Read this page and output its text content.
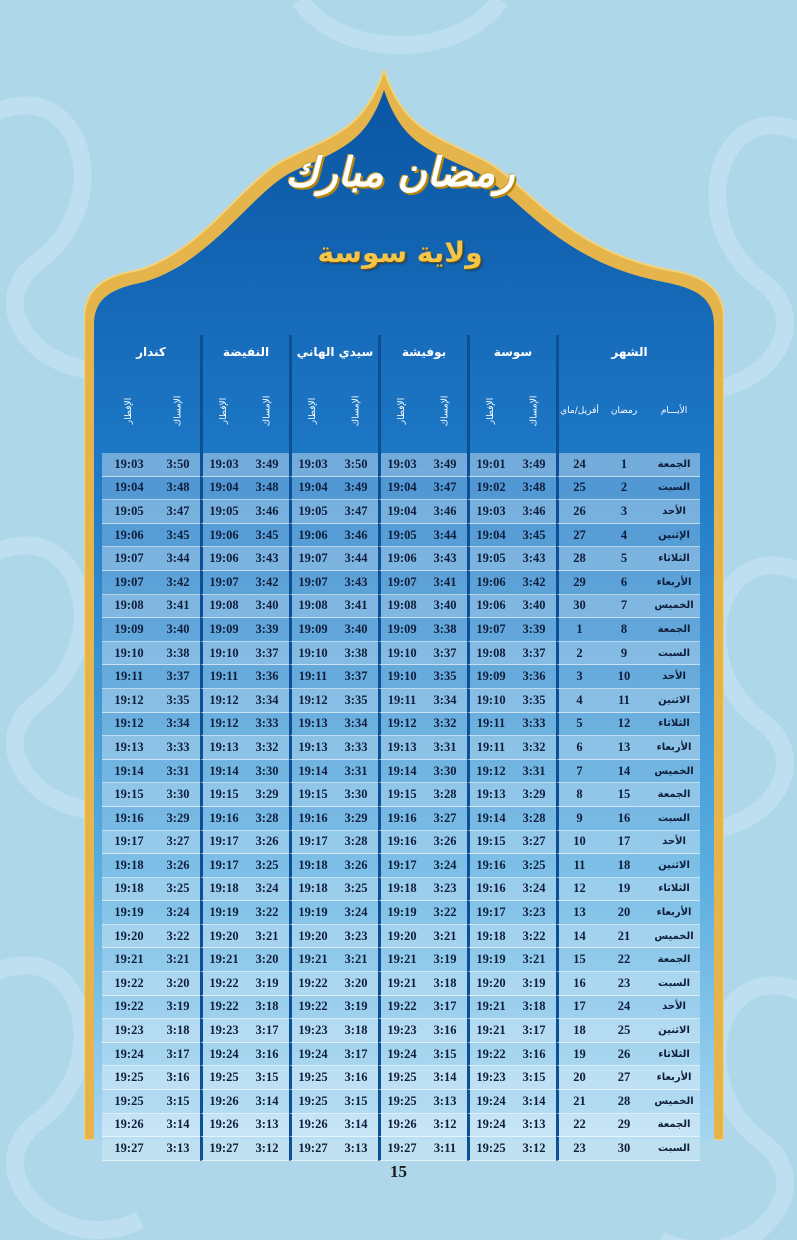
رمضان مبارك
ولاية سوسة
الشهر			سوسة		بوفيشة		سيدي الهاني		النفيضة		كندار	
الأيـــام	رمضان	أفريل/ماي	الإمساك	الإفطار	الإمساك	الإفطار	الإمساك	الإفطار	الإمساك	الإفطار	الإمساك	الإفطار
الجمعة	1	24	3:49	19:01	3:49	19:03	3:50	19:03	3:49	19:03	3:50	19:03
السبت	2	25	3:48	19:02	3:47	19:04	3:49	19:04	3:48	19:04	3:48	19:04
الأحد	3	26	3:46	19:03	3:46	19:04	3:47	19:05	3:46	19:05	3:47	19:05
الإثنين	4	27	3:45	19:04	3:44	19:05	3:46	19:06	3:45	19:06	3:45	19:06
الثلاثاء	5	28	3:43	19:05	3:43	19:06	3:44	19:07	3:43	19:06	3:44	19:07
الأربعاء	6	29	3:42	19:06	3:41	19:07	3:43	19:07	3:42	19:07	3:42	19:07
الخميس	7	30	3:40	19:06	3:40	19:08	3:41	19:08	3:40	19:08	3:41	19:08
الجمعة	8	1	3:39	19:07	3:38	19:09	3:40	19:09	3:39	19:09	3:40	19:09
السبت	9	2	3:37	19:08	3:37	19:10	3:38	19:10	3:37	19:10	3:38	19:10
الأحد	10	3	3:36	19:09	3:35	19:10	3:37	19:11	3:36	19:11	3:37	19:11
الاثنين	11	4	3:35	19:10	3:34	19:11	3:35	19:12	3:34	19:12	3:35	19:12
الثلاثاء	12	5	3:33	19:11	3:32	19:12	3:34	19:13	3:33	19:12	3:34	19:12
الأربعاء	13	6	3:32	19:11	3:31	19:13	3:33	19:13	3:32	19:13	3:33	19:13
الخميس	14	7	3:31	19:12	3:30	19:14	3:31	19:14	3:30	19:14	3:31	19:14
الجمعة	15	8	3:29	19:13	3:28	19:15	3:30	19:15	3:29	19:15	3:30	19:15
السبت	16	9	3:28	19:14	3:27	19:16	3:29	19:16	3:28	19:16	3:29	19:16
الأحد	17	10	3:27	19:15	3:26	19:16	3:28	19:17	3:26	19:17	3:27	19:17
الاثنين	18	11	3:25	19:16	3:24	19:17	3:26	19:18	3:25	19:17	3:26	19:18
الثلاثاء	19	12	3:24	19:16	3:23	19:18	3:25	19:18	3:24	19:18	3:25	19:18
الأربعاء	20	13	3:23	19:17	3:22	19:19	3:24	19:19	3:22	19:19	3:24	19:19
الخميس	21	14	3:22	19:18	3:21	19:20	3:23	19:20	3:21	19:20	3:22	19:20
الجمعة	22	15	3:21	19:19	3:19	19:21	3:21	19:21	3:20	19:21	3:21	19:21
السبت	23	16	3:19	19:20	3:18	19:21	3:20	19:22	3:19	19:22	3:20	19:22
الأحد	24	17	3:18	19:21	3:17	19:22	3:19	19:22	3:18	19:22	3:19	19:22
الاثنين	25	18	3:17	19:21	3:16	19:23	3:18	19:23	3:17	19:23	3:18	19:23
الثلاثاء	26	19	3:16	19:22	3:15	19:24	3:17	19:24	3:16	19:24	3:17	19:24
الأربعاء	27	20	3:15	19:23	3:14	19:25	3:16	19:25	3:15	19:25	3:16	19:25
الخميس	28	21	3:14	19:24	3:13	19:25	3:15	19:25	3:14	19:26	3:15	19:25
الجمعة	29	22	3:13	19:24	3:12	19:26	3:14	19:26	3:13	19:26	3:14	19:26
السبت	30	23	3:12	19:25	3:11	19:27	3:13	19:27	3:12	19:27	3:13	19:27
15
